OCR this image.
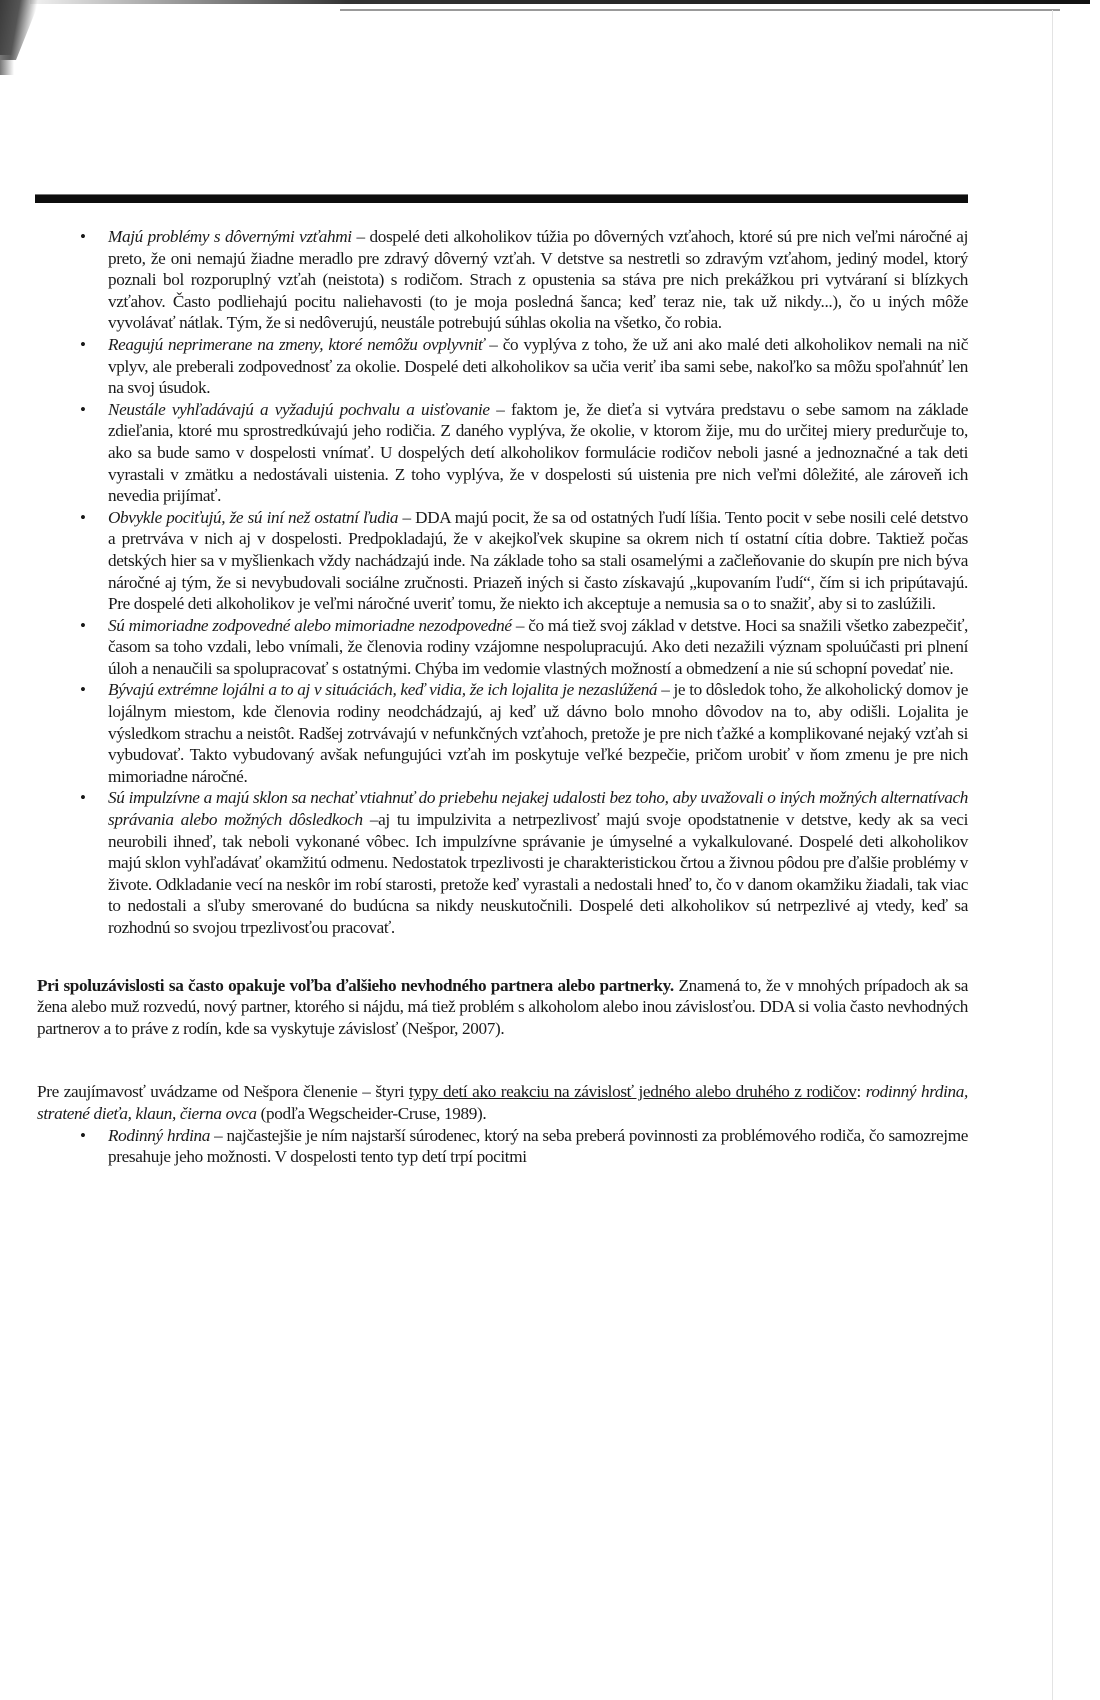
• Majú problémy s dôvernými vzťahmi – dospelé deti alkoholikov túžia po dôverných vzťahoch, ktoré sú pre nich veľmi náročné aj preto, že oni nemajú žiadne meradlo pre zdravý dôverný vzťah. V detstve sa nestretli so zdravým vzťahom, jediný model, ktorý poznali bol rozporuplný vzťah (neistota) s rodičom. Strach z opustenia sa stáva pre nich prekážkou pri vytváraní si blízkych vzťahov. Často podliehajú pocitu naliehavosti (to je moja posledná šanca; keď teraz nie, tak už nikdy...), čo u iných môže vyvolávať nátlak. Tým, že si nedôverujú, neustále potrebujú súhlas okolia na všetko, čo robia.
• Reagujú neprimerane na zmeny, ktoré nemôžu ovplyvniť – čo vyplýva z toho, že už ani ako malé deti alkoholikov nemali na nič vplyv, ale preberali zodpovednosť za okolie. Dospelé deti alkoholikov sa učia veriť iba sami sebe, nakoľko sa môžu spoľahnúť len na svoj úsudok.
• Neustále vyhľadávajú a vyžadujú pochvalu a uisťovanie – faktom je, že dieťa si vytvára predstavu o sebe samom na základe zdieľania, ktoré mu sprostredkúvajú jeho rodičia. Z daného vyplýva, že okolie, v ktorom žije, mu do určitej miery predurčuje to, ako sa bude samo v dospelosti vnímať. U dospelých detí alkoholikov formulácie rodičov neboli jasné a jednoznačné a tak deti vyrastali v zmätku a nedostávali uistenia. Z toho vyplýva, že v dospelosti sú uistenia pre nich veľmi dôležité, ale zároveň ich nevedia prijímať.
• Obvykle pociťujú, že sú iní než ostatní ľudia – DDA majú pocit, že sa od ostatných ľudí líšia. Tento pocit v sebe nosili celé detstvo a pretrváva v nich aj v dospelosti. Predpokladajú, že v akejkoľvek skupine sa okrem nich tí ostatní cítia dobre. Taktiež počas detských hier sa v myšlienkach vždy nachádzajú inde. Na základe toho sa stali osamelými a začleňovanie do skupín pre nich býva náročné aj tým, že si nevybudovali sociálne zručnosti. Priazeň iných si často získavajú „kupovaním ľudí“, čím si ich pripútavajú. Pre dospelé deti alkoholikov je veľmi náročné uveriť tomu, že niekto ich akceptuje a nemusia sa o to snažiť, aby si to zaslúžili.
• Sú mimoriadne zodpovedné alebo mimoriadne nezodpovedné – čo má tiež svoj základ v detstve. Hoci sa snažili všetko zabezpečiť, časom sa toho vzdali, lebo vnímali, že členovia rodiny vzájomne nespolupracujú. Ako deti nezažili význam spoluúčasti pri plnení úloh a nenaučili sa spolupracovať s ostatnými. Chýba im vedomie vlastných možností a obmedzení a nie sú schopní povedať nie.
• Bývajú extrémne lojálni a to aj v situáciách, keď vidia, že ich lojalita je nezaslúžená – je to dôsledok toho, že alkoholický domov je lojálnym miestom, kde členovia rodiny neodchádzajú, aj keď už dávno bolo mnoho dôvodov na to, aby odišli. Lojalita je výsledkom strachu a neistôt. Radšej zotrvávajú v nefunkčných vzťahoch, pretože je pre nich ťažké a komplikované nejaký vzťah si vybudovať. Takto vybudovaný avšak nefungujúci vzťah im poskytuje veľké bezpečie, pričom urobiť v ňom zmenu je pre nich mimoriadne náročné.
• Sú impulzívne a majú sklon sa nechať vtiahnuť do priebehu nejakej udalosti bez toho, aby uvažovali o iných možných alternatívach správania alebo možných dôsledkoch –aj tu impulzivita a netrpezlivosť majú svoje opodstatnenie v detstve, kedy ak sa veci neurobili ihneď, tak neboli vykonané vôbec. Ich impulzívne správanie je úmyselné a vykalkulované. Dospelé deti alkoholikov majú sklon vyhľadávať okamžitú odmenu. Nedostatok trpezlivosti je charakteristickou črtou a živnou pôdou pre ďalšie problémy v živote. Odkladanie vecí na neskôr im robí starosti, pretože keď vyrastali a nedostali hneď to, čo v danom okamžiku žiadali, tak viac to nedostali a sľuby smerované do budúcna sa nikdy neuskutočnili. Dospelé deti alkoholikov sú netrpezlivé aj vtedy, keď sa rozhodnú so svojou trpezlivosťou pracovať.

Pri spoluzávislosti sa často opakuje voľba ďalšieho nevhodného partnera alebo partnerky. Znamená to, že v mnohých prípadoch ak sa žena alebo muž rozvedú, nový partner, ktorého si nájdu, má tiež problém s alkoholom alebo inou závislosťou. DDA si volia často nevhodných partnerov a to práve z rodín, kde sa vyskytuje závislosť (Nešpor, 2007).

Pre zaujímavosť uvádzame od Nešpora členenie – štyri typy detí ako reakciu na závislosť jedného alebo druhého z rodičov: rodinný hrdina, stratené dieťa, klaun, čierna ovca (podľa Wegscheider-Cruse, 1989).

• Rodinný hrdina – najčastejšie je ním najstarší súrodenec, ktorý na seba preberá povinnosti za problémového rodiča, čo samozrejme presahuje jeho možnosti. V dospelosti tento typ detí trpí pocitmi
